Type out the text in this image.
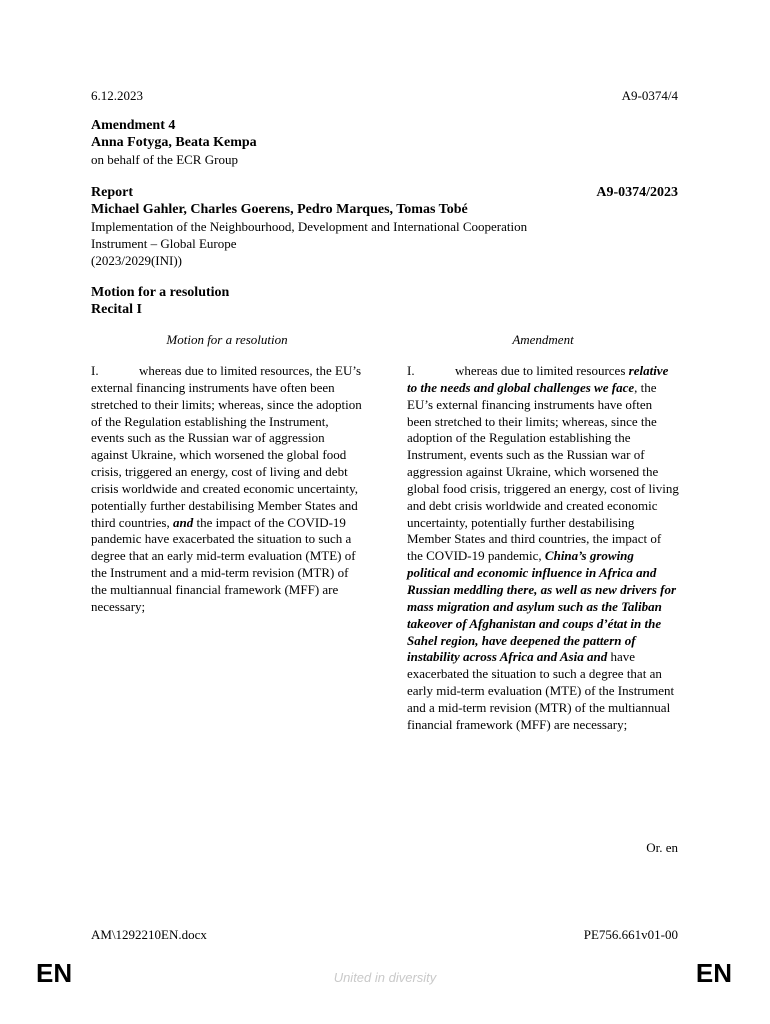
6.12.2023	A9-0374/4
Amendment 4
Anna Fotyga, Beata Kempa
on behalf of the ECR Group
Report	A9-0374/2023
Michael Gahler, Charles Goerens, Pedro Marques, Tomas Tobé
Implementation of the Neighbourhood, Development and International Cooperation
Instrument – Global Europe
(2023/2029(INI))
Motion for a resolution
Recital I
Motion for a resolution	Amendment
I.	whereas due to limited resources, the EU’s external financing instruments have often been stretched to their limits; whereas, since the adoption of the Regulation establishing the Instrument, events such as the Russian war of aggression against Ukraine, which worsened the global food crisis, triggered an energy, cost of living and debt crisis worldwide and created economic uncertainty, potentially further destabilising Member States and third countries, and the impact of the COVID-19 pandemic have exacerbated the situation to such a degree that an early mid-term evaluation (MTE) of the Instrument and a mid-term revision (MTR) of the multiannual financial framework (MFF) are necessary;
I.	whereas due to limited resources relative to the needs and global challenges we face, the EU’s external financing instruments have often been stretched to their limits; whereas, since the adoption of the Regulation establishing the Instrument, events such as the Russian war of aggression against Ukraine, which worsened the global food crisis, triggered an energy, cost of living and debt crisis worldwide and created economic uncertainty, potentially further destabilising Member States and third countries, the impact of the COVID-19 pandemic, China’s growing political and economic influence in Africa and Russian meddling there, as well as new drivers for mass migration and asylum such as the Taliban takeover of Afghanistan and coups d’état in the Sahel region, have deepened the pattern of instability across Africa and Asia and have exacerbated the situation to such a degree that an early mid-term evaluation (MTE) of the Instrument and a mid-term revision (MTR) of the multiannual financial framework (MFF) are necessary;
Or. en
AM\1292210EN.docx	PE756.661v01-00
EN	United in diversity	EN
